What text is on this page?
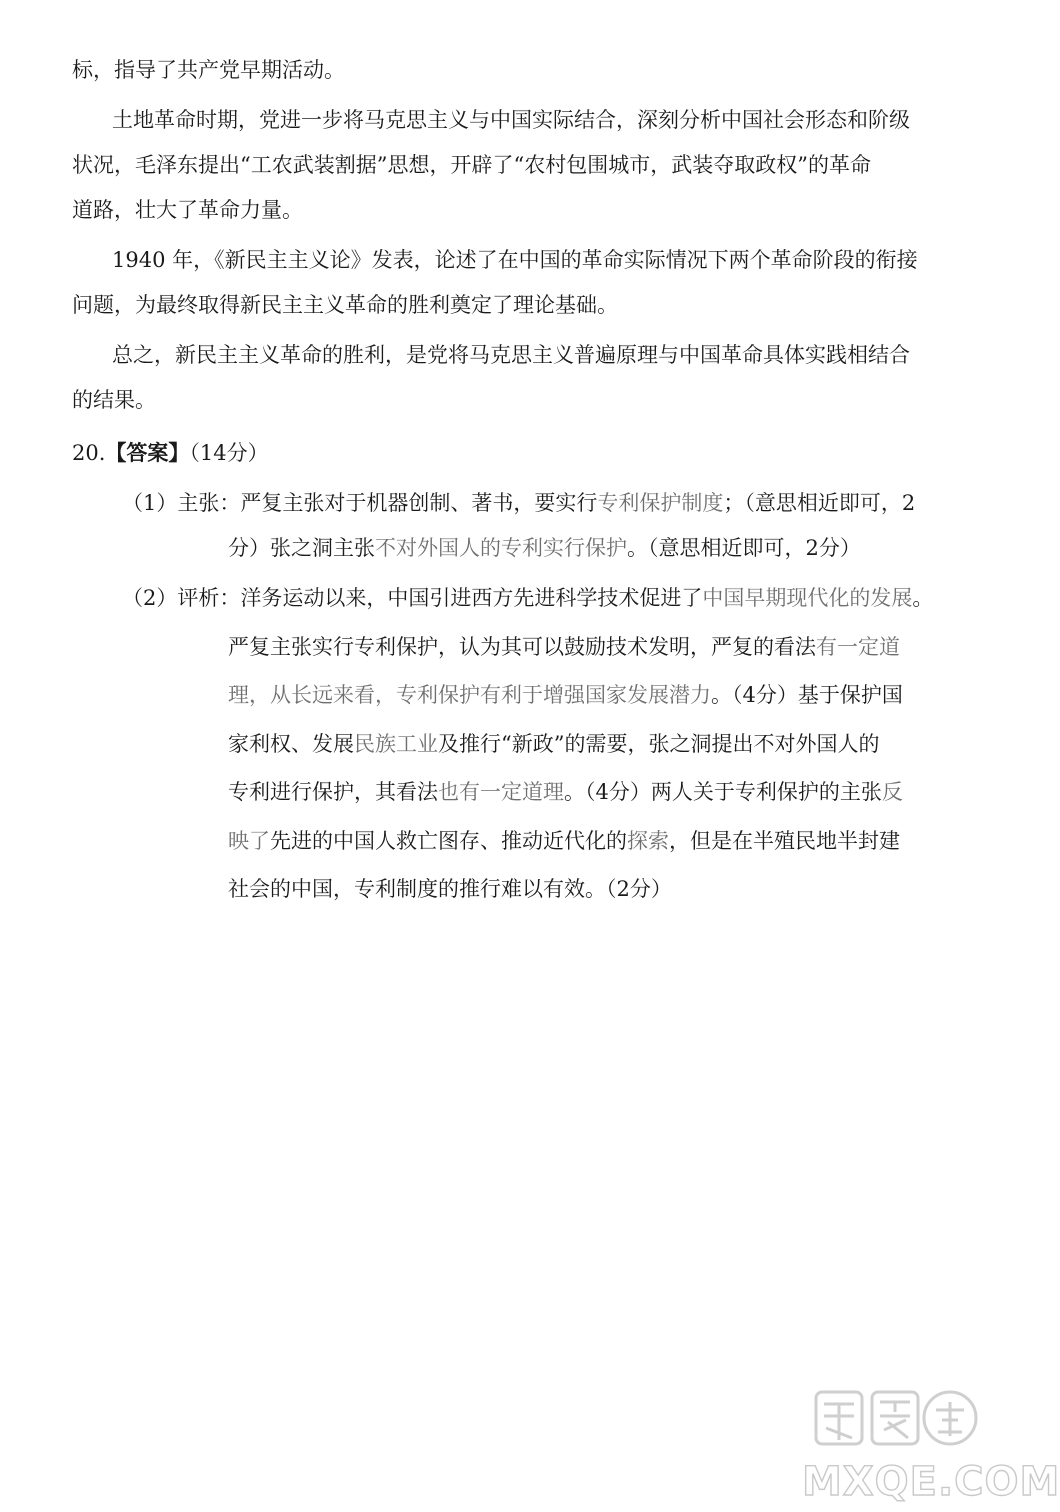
标，指导了共产党早期活动。
土地革命时期，党进一步将马克思主义与中国实际结合，深刻分析中国社会形态和阶级
状况，毛泽东提出“工农武装割据”思想，开辟了“农村包围城市，武装夺取政权”的革命
道路，壮大了革命力量。
1940 年，《新民主主义论》发表，论述了在中国的革命实际情况下两个革命阶段的衔接
问题，为最终取得新民主主义革命的胜利奠定了理论基础。
总之，新民主主义革命的胜利，是党将马克思主义普遍原理与中国革命具体实践相结合
的结果。
20.【答案】（14分）
（1）主张：严复主张对于机器创制、著书，要实行专利保护制度；（意思相近即可，2
分）张之洞主张不对外国人的专利实行保护。（意思相近即可，2分）
（2）评析：洋务运动以来，中国引进西方先进科学技术促进了中国早期现代化的发展。
严复主张实行专利保护，认为其可以鼓励技术发明，严复的看法有一定道
理，从长远来看，专利保护有利于增强国家发展潜力。（4分）基于保护国
家利权、发展民族工业及推行“新政”的需要，张之洞提出不对外国人的
专利进行保护，其看法也有一定道理。（4分）两人关于专利保护的主张反
映了先进的中国人救亡图存、推动近代化的探索，但是在半殖民地半封建
社会的中国，专利制度的推行难以有效。（2分）
MXQE.COM
